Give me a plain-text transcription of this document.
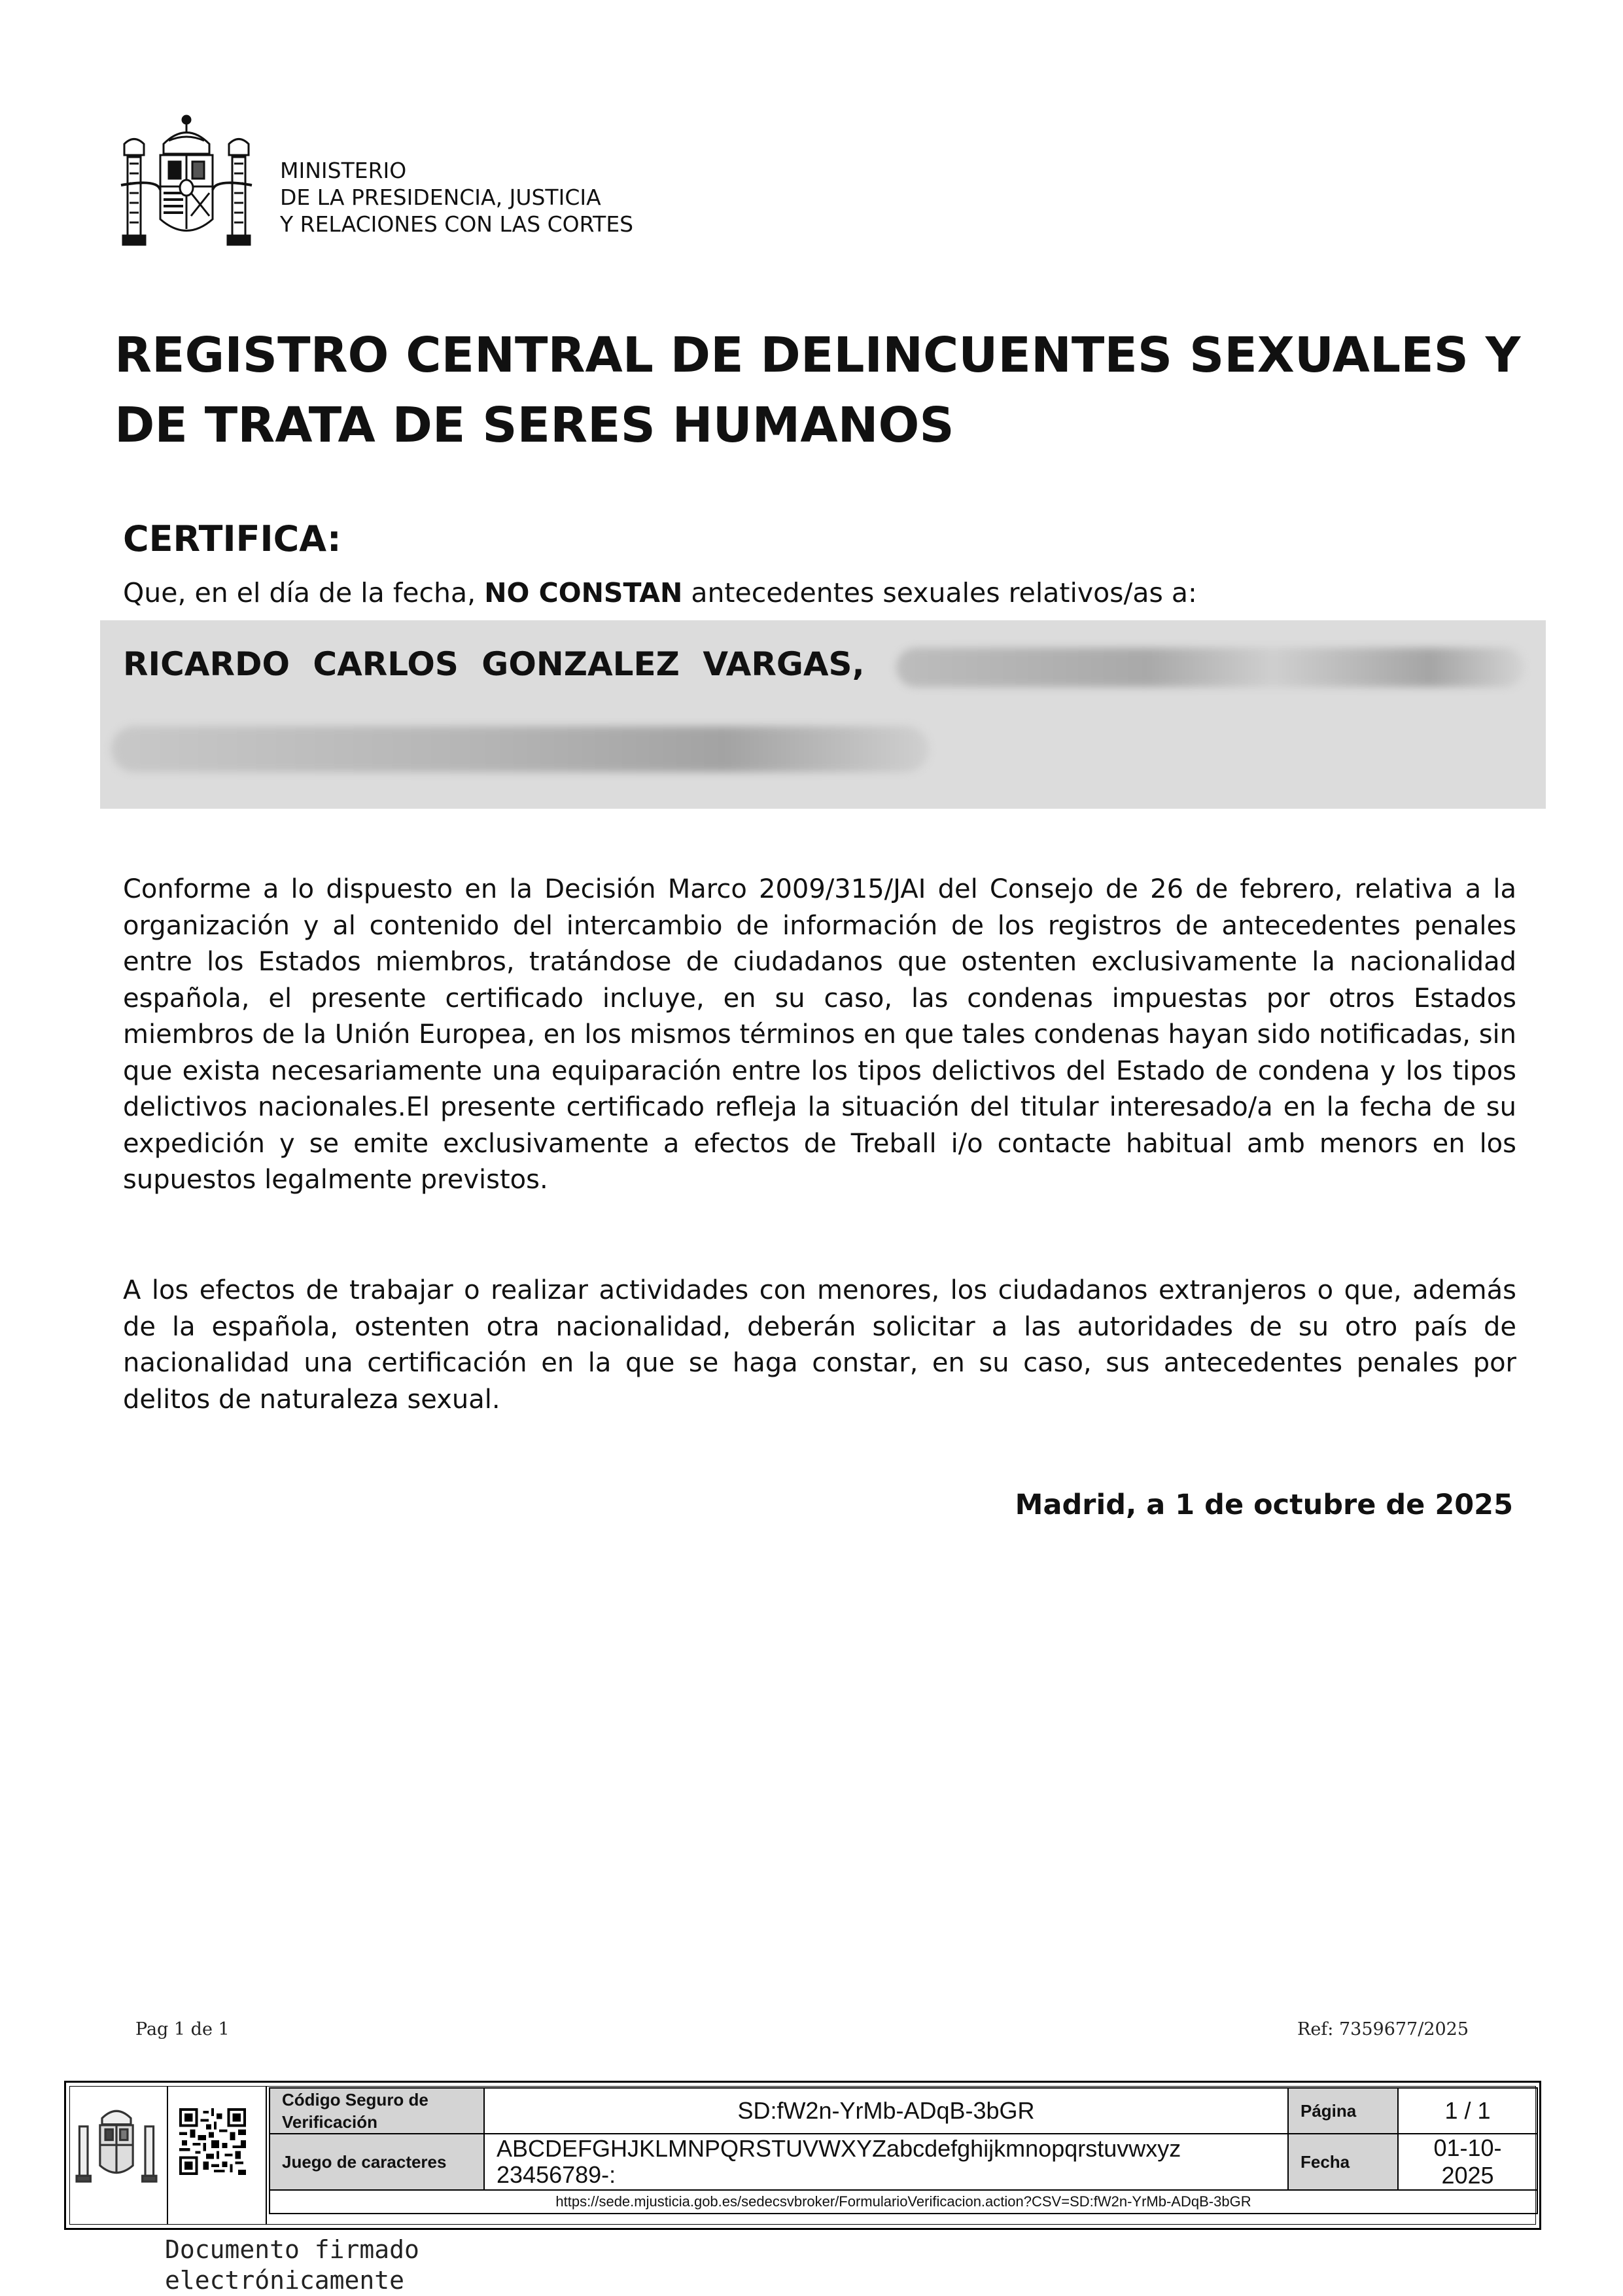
MINISTERIO
DE LA PRESIDENCIA, JUSTICIA
Y RELACIONES CON LAS CORTES
REGISTRO CENTRAL DE DELINCUENTES SEXUALES Y
DE TRATA DE SERES HUMANOS
CERTIFICA:
Que, en el día de la fecha, NO CONSTAN antecedentes sexuales relativos/as a:
RICARDO CARLOS GONZALEZ VARGAS,
Conforme a lo dispuesto en la Decisión Marco 2009/315/JAI del Consejo de 26 de febrero, relativa a la organización y al contenido del intercambio de información de los registros de antecedentes penales entre los Estados miembros, tratándose de ciudadanos que ostenten exclusivamente la nacionalidad española, el presente certificado incluye, en su caso, las condenas impuestas por otros Estados miembros de la Unión Europea, en los mismos términos en que tales condenas hayan sido notificadas, sin que exista necesariamente una equiparación entre los tipos delictivos del Estado de condena y los tipos delictivos nacionales.El presente certificado refleja la situación del titular interesado/a en la fecha de su expedición y se emite exclusivamente a efectos de Treball i/o contacte habitual amb menors en los supuestos legalmente previstos.
A los efectos de trabajar o realizar actividades con menores, los ciudadanos extranjeros o que, además de la española, ostenten otra nacionalidad, deberán solicitar a las autoridades de su otro país de nacionalidad una certificación en la que se haga constar, en su caso, sus antecedentes penales por delitos de naturaleza sexual.
Madrid, a 1 de octubre de 2025
Pag 1 de 1	Ref: 7359677/2025
Código Seguro de Verificación	SD:fW2n-YrMb-ADqB-3bGR	Página	1 / 1
Juego de caracteres	ABCDEFGHJKLMNPQRSTUVWXYZabcdefghijkmnopqrstuvwxyz 23456789-:	Fecha	01-10-2025
https://sede.mjusticia.gob.es/sedecsvbroker/FormularioVerificacion.action?CSV=SD:fW2n-YrMb-ADqB-3bGR			
Documento firmado
electrónicamente
